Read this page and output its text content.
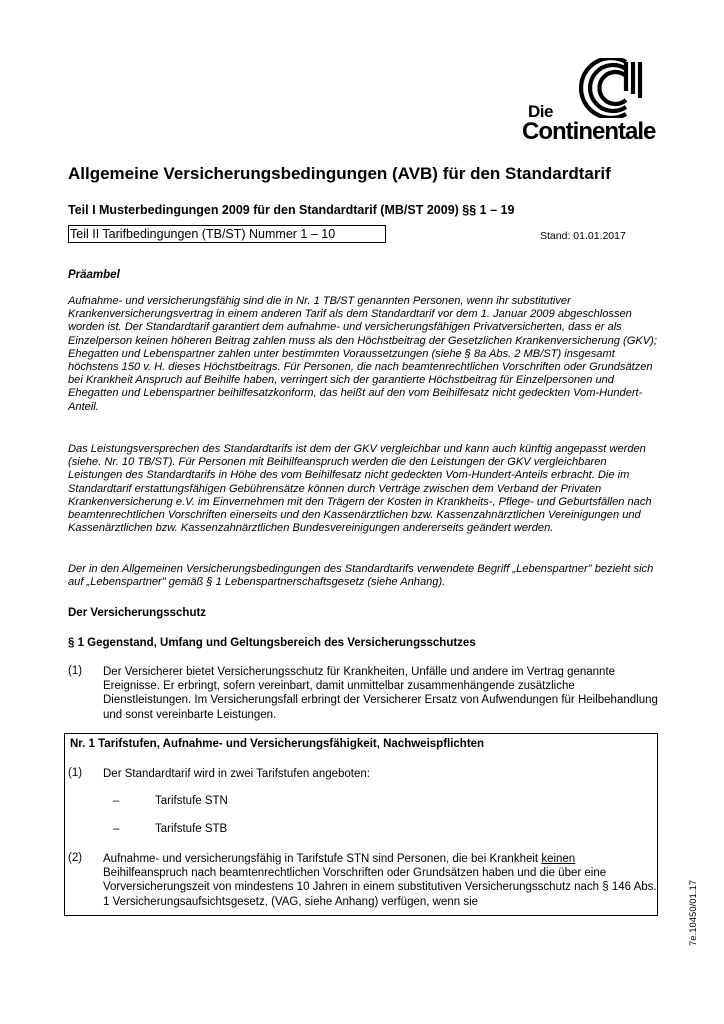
Die
Continentale
Allgemeine Versicherungsbedingungen (AVB) für den Standardtarif
Teil I Musterbedingungen 2009 für den Standardtarif (MB/ST 2009) §§ 1 – 19
Teil II Tarifbedingungen (TB/ST) Nummer 1 – 10	Stand: 01.01.2017
Präambel
Aufnahme- und versicherungsfähig sind die in Nr. 1 TB/ST genannten Personen, wenn ihr substitutiver Krankenversicherungsvertrag in einem anderen Tarif als dem Standardtarif vor dem 1. Januar 2009 abgeschlossen worden ist. Der Standardtarif garantiert dem aufnahme- und versicherungsfähigen Privatversicherten, dass er als Einzelperson keinen höheren Beitrag zahlen muss als den Höchstbeitrag der Gesetzlichen Krankenversicherung (GKV); Ehegatten und Lebenspartner zahlen unter bestimmten Voraussetzungen (siehe § 8a Abs. 2 MB/ST) insgesamt höchstens 150 v. H. dieses Höchstbeitrags. Für Personen, die nach beamtenrechtlichen Vorschriften oder Grundsätzen bei Krankheit Anspruch auf Beihilfe haben, verringert sich der garantierte Höchstbeitrag für Einzelpersonen und Ehegatten und Lebenspartner beihilfesatzkonform, das heißt auf den vom Beihilfesatz nicht gedeckten Vom-Hundert-Anteil.
Das Leistungsversprechen des Standardtarifs ist dem der GKV vergleichbar und kann auch künftig angepasst werden (siehe. Nr. 10 TB/ST). Für Personen mit Beihilfeanspruch werden die den Leistungen der GKV vergleichbaren Leistungen des Standardtarifs in Höhe des vom Beihilfesatz nicht gedeckten Vom-Hundert-Anteils erbracht. Die im Standardtarif erstattungsfähigen Gebührensätze können durch Verträge zwischen dem Verband der Privaten Krankenversicherung e.V. im Einvernehmen mit den Trägern der Kosten in Krankheits-, Pflege- und Geburtsfällen nach beamtenrechtlichen Vorschriften einerseits und den Kassenärztlichen bzw. Kassenzahnärztlichen Vereinigungen und Kassenärztlichen bzw. Kassenzahnärztlichen Bundesvereinigungen andererseits geändert werden.
Der in den Allgemeinen Versicherungsbedingungen des Standardtarifs verwendete Begriff „Lebenspartner" bezieht sich auf „Lebenspartner" gemäß § 1 Lebenspartnerschaftsgesetz (siehe Anhang).
Der Versicherungsschutz
§ 1 Gegenstand, Umfang und Geltungsbereich des Versicherungsschutzes
(1) Der Versicherer bietet Versicherungsschutz für Krankheiten, Unfälle und andere im Vertrag genannte Ereignisse. Er erbringt, sofern vereinbart, damit unmittelbar zusammenhängende zusätzliche Dienstleistungen. Im Versicherungsfall erbringt der Versicherer Ersatz von Aufwendungen für Heilbehandlung und sonst vereinbarte Leistungen.
Nr. 1 Tarifstufen, Aufnahme- und Versicherungsfähigkeit, Nachweispflichten
(1) Der Standardtarif wird in zwei Tarifstufen angeboten:
–	Tarifstufe STN
–	Tarifstufe STB
(2) Aufnahme- und versicherungsfähig in Tarifstufe STN sind Personen, die bei Krankheit keinen Beihilfeanspruch nach beamtenrechtlichen Vorschriften oder Grundsätzen haben und die über eine Vorversicherungszeit von mindestens 10 Jahren in einem substitutiven Versicherungsschutz nach § 146 Abs. 1 Versicherungsaufsichtsgesetz, (VAG, siehe Anhang) verfügen, wenn sie	7e.10450/01.17
